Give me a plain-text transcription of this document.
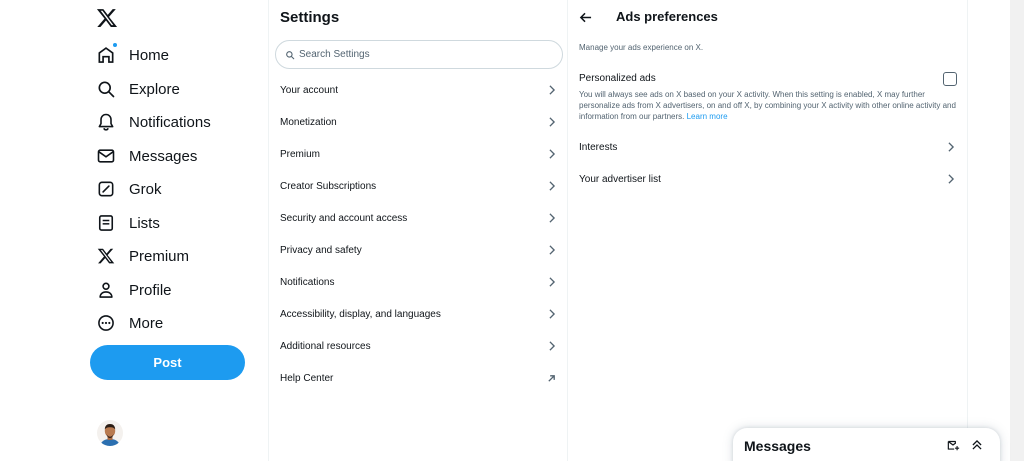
Home
Explore
Notifications
Messages
Grok
Lists
Premium
Profile
More
Post
Settings
Search Settings
Your account
Monetization
Premium
Creator Subscriptions
Security and account access
Privacy and safety
Notifications
Accessibility, display, and languages
Additional resources
Help Center
Ads preferences

Manage your ads experience on X.

Personalized ads

You will always see ads on X based on your X activity. When this setting is enabled, X may further personalize ads from X advertisers, on and off X, by combining your X activity with other online activity and information from our partners. Learn more

Interests
Your advertiser list
Messages
